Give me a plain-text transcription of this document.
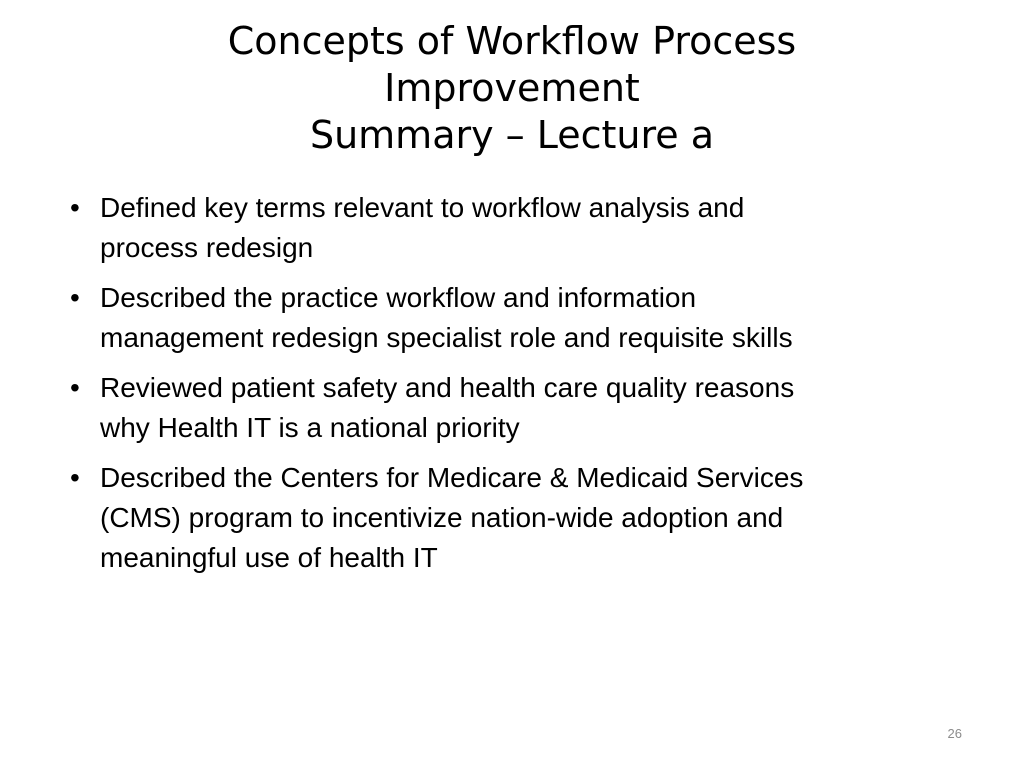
Concepts of Workflow Process
Improvement
Summary – Lecture a
• Defined key terms relevant to workflow analysis and
process redesign
• Described the practice workflow and information
management redesign specialist role and requisite skills
• Reviewed patient safety and health care quality reasons
why Health IT is a national priority
• Described the Centers for Medicare & Medicaid Services
(CMS) program to incentivize nation-wide adoption and
meaningful use of health IT
26
